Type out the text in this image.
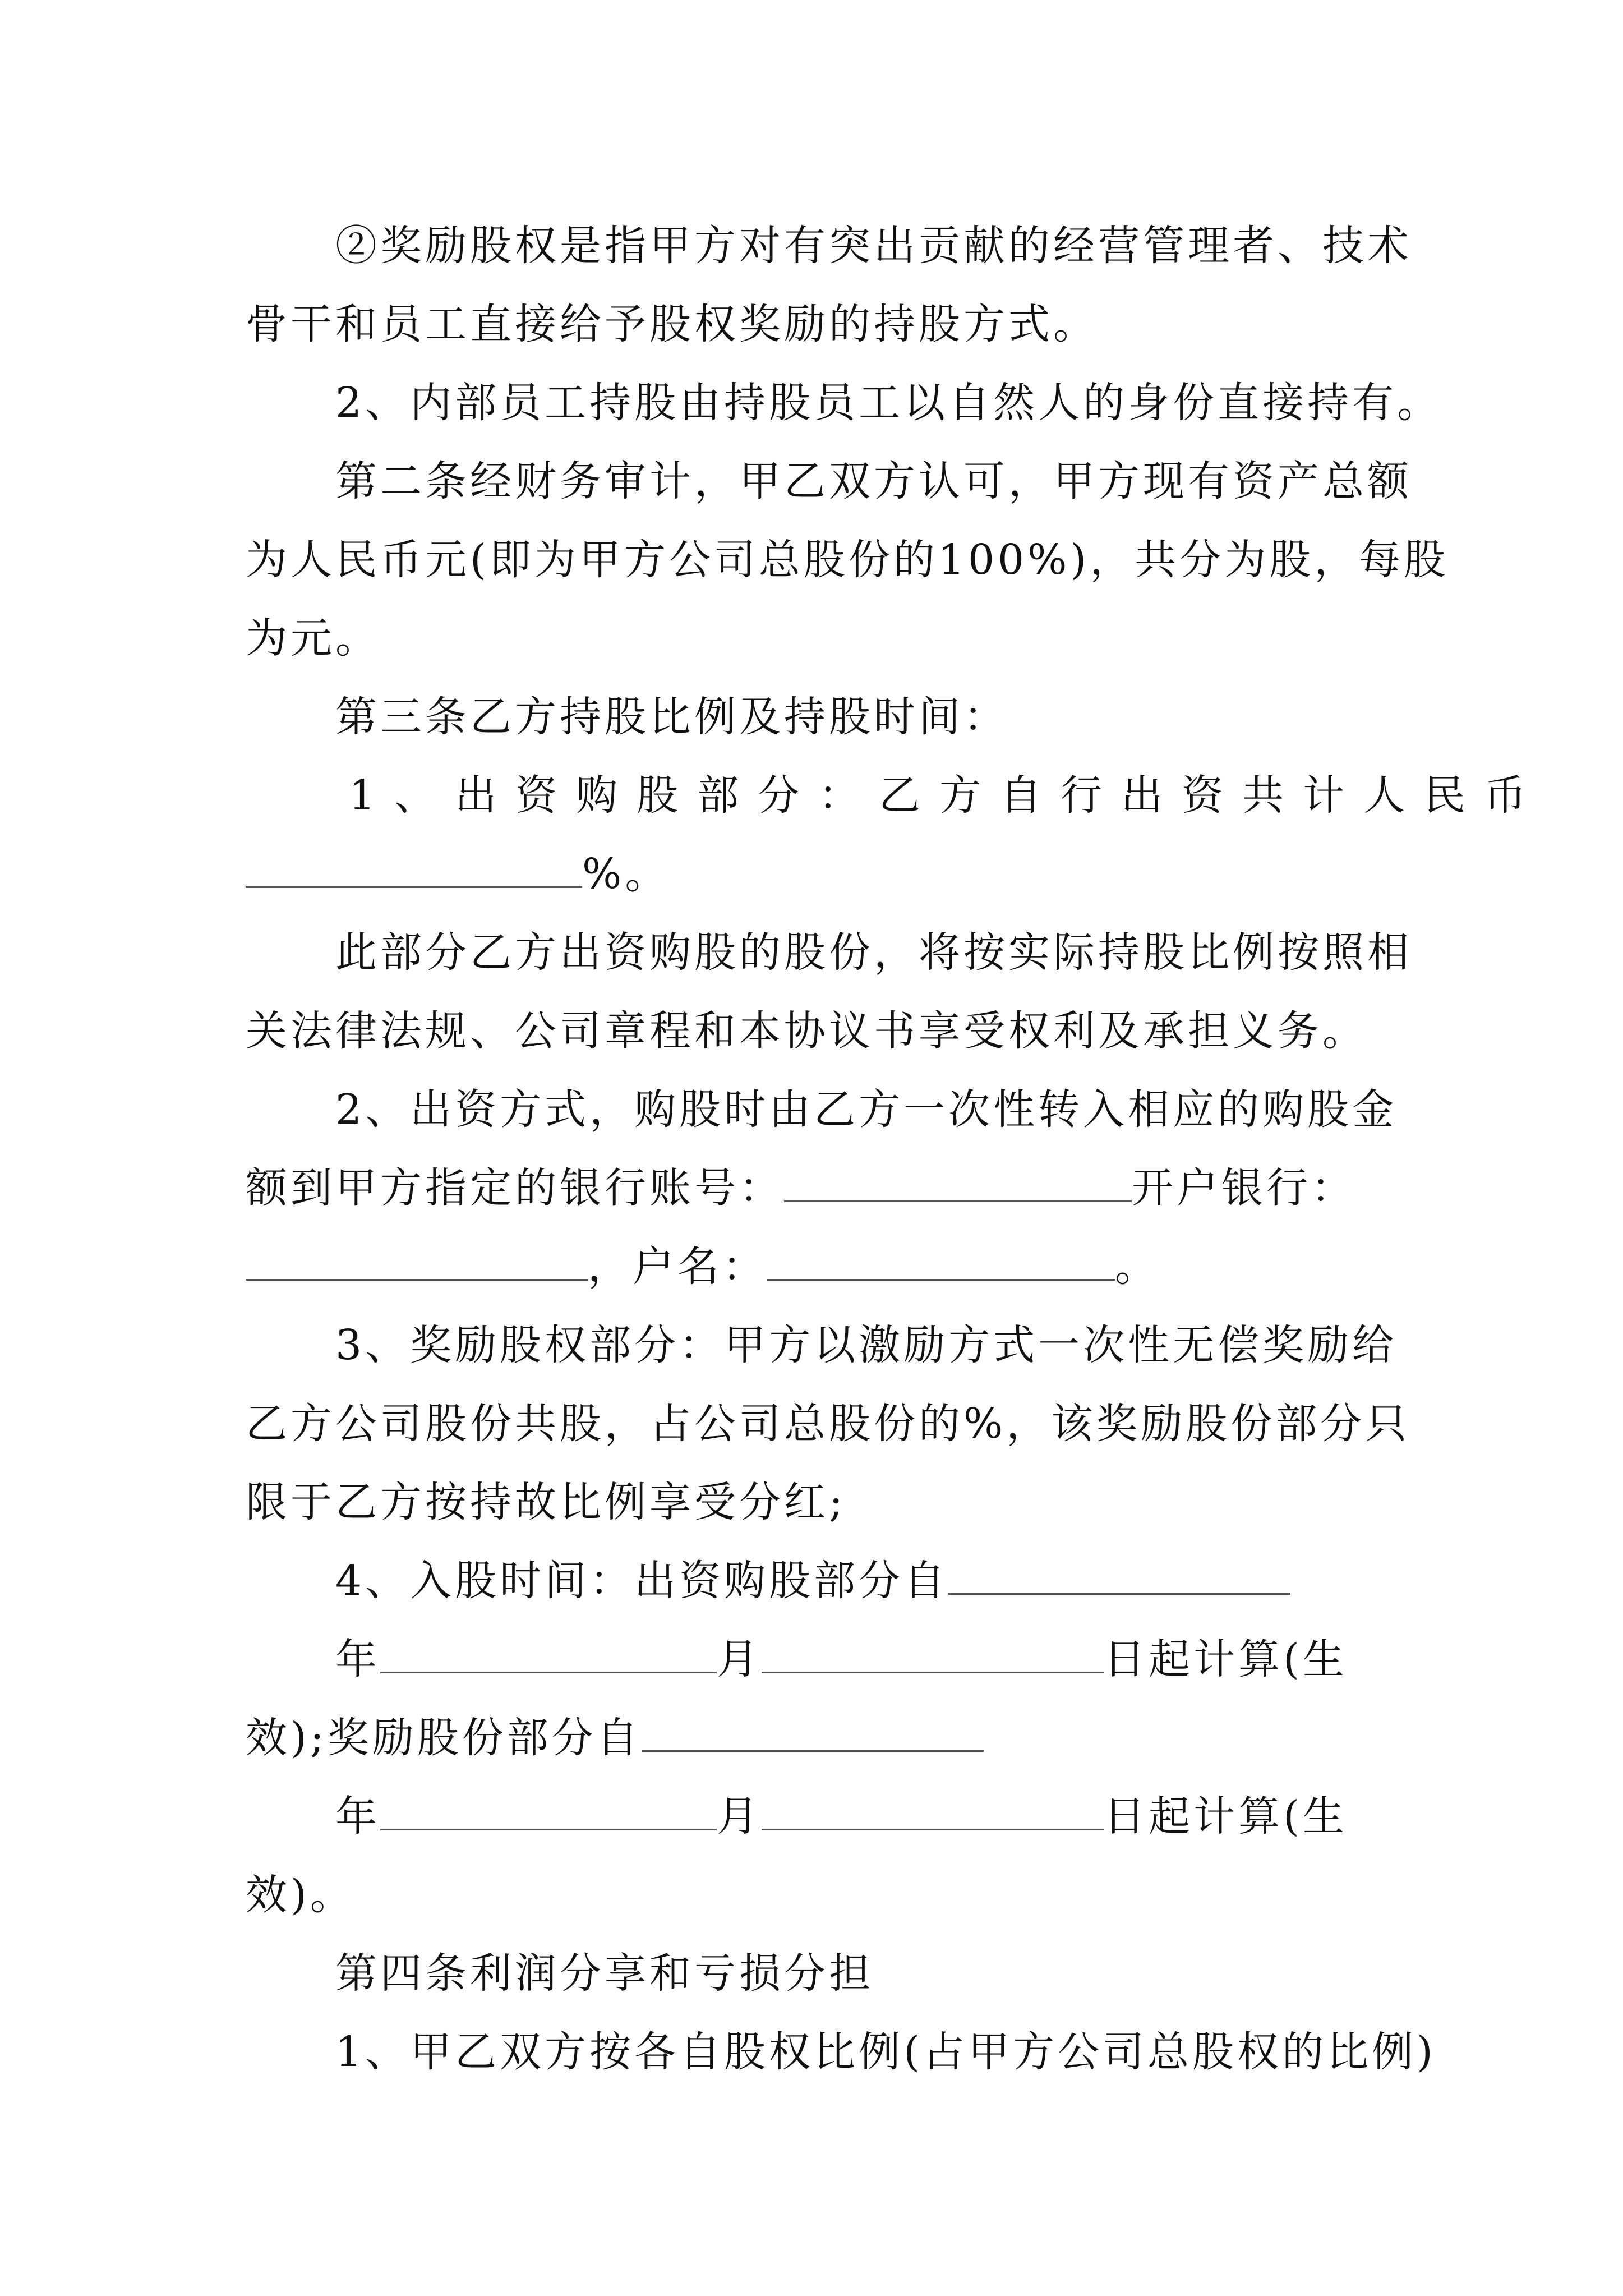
②奖励股权是指甲方对有突出贡献的经营管理者、技术
骨干和员工直接给予股权奖励的持股方式。
2、内部员工持股由持股员工以自然人的身份直接持有。
第二条经财务审计，甲乙双方认可，甲方现有资产总额
为人民币元(即为甲方公司总股份的100%)，共分为股，每股
为元。
第三条乙方持股比例及持股时间：
1、出资购股部分：乙方自行出资共计人民币
%。
此部分乙方出资购股的股份，将按实际持股比例按照相
关法律法规、公司章程和本协议书享受权利及承担义务。
2、出资方式，购股时由乙方一次性转入相应的购股金
额到甲方指定的银行账号：	开户银行：
，户名：	。
3、奖励股权部分：甲方以激励方式一次性无偿奖励给
乙方公司股份共股，占公司总股份的%，该奖励股份部分只
限于乙方按持故比例享受分红;
4、入股时间：出资购股部分自
年	月	日起计算(生
效);奖励股份部分自
年	月	日起计算(生
效)。
第四条利润分享和亏损分担
1、甲乙双方按各自股权比例(占甲方公司总股权的比例)
